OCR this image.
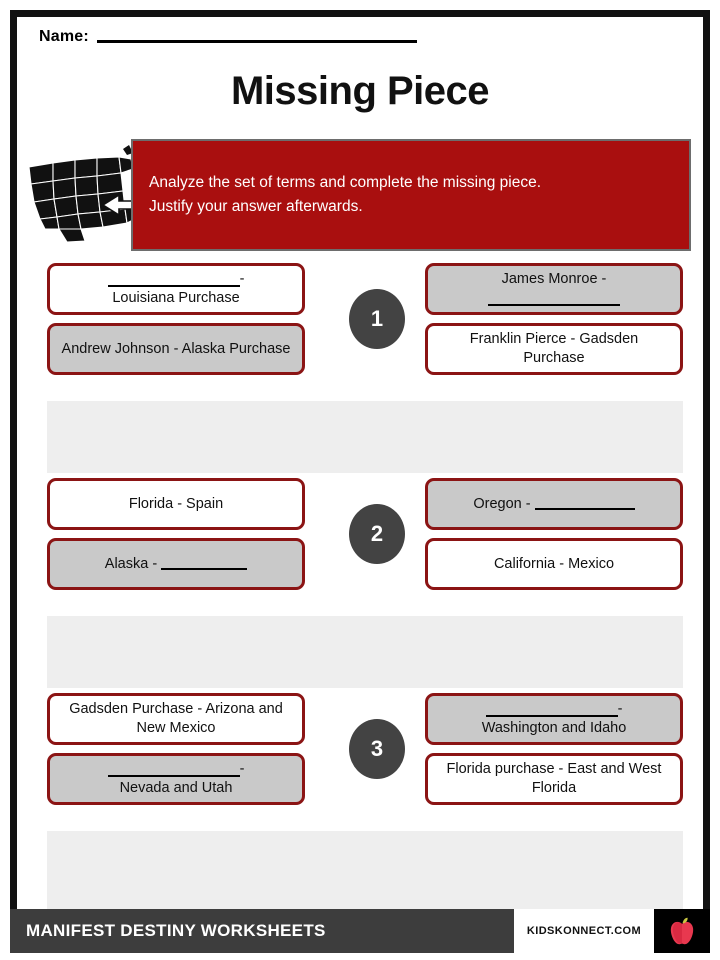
Name:
Missing Piece
Analyze the set of terms and complete the missing piece.
Justify your answer afterwards.
-
Louisiana Purchase
Andrew Johnson - Alaska Purchase
1
James Monroe -

Franklin Pierce - Gadsden Purchase
Florida - Spain
Alaska -
2
Oregon -
California - Mexico
Gadsden Purchase - Arizona and New Mexico
-
Nevada and Utah
3
-
Washington and Idaho
Florida purchase - East and West Florida
MANIFEST DESTINY WORKSHEETS	KIDSKONNECT.COM
